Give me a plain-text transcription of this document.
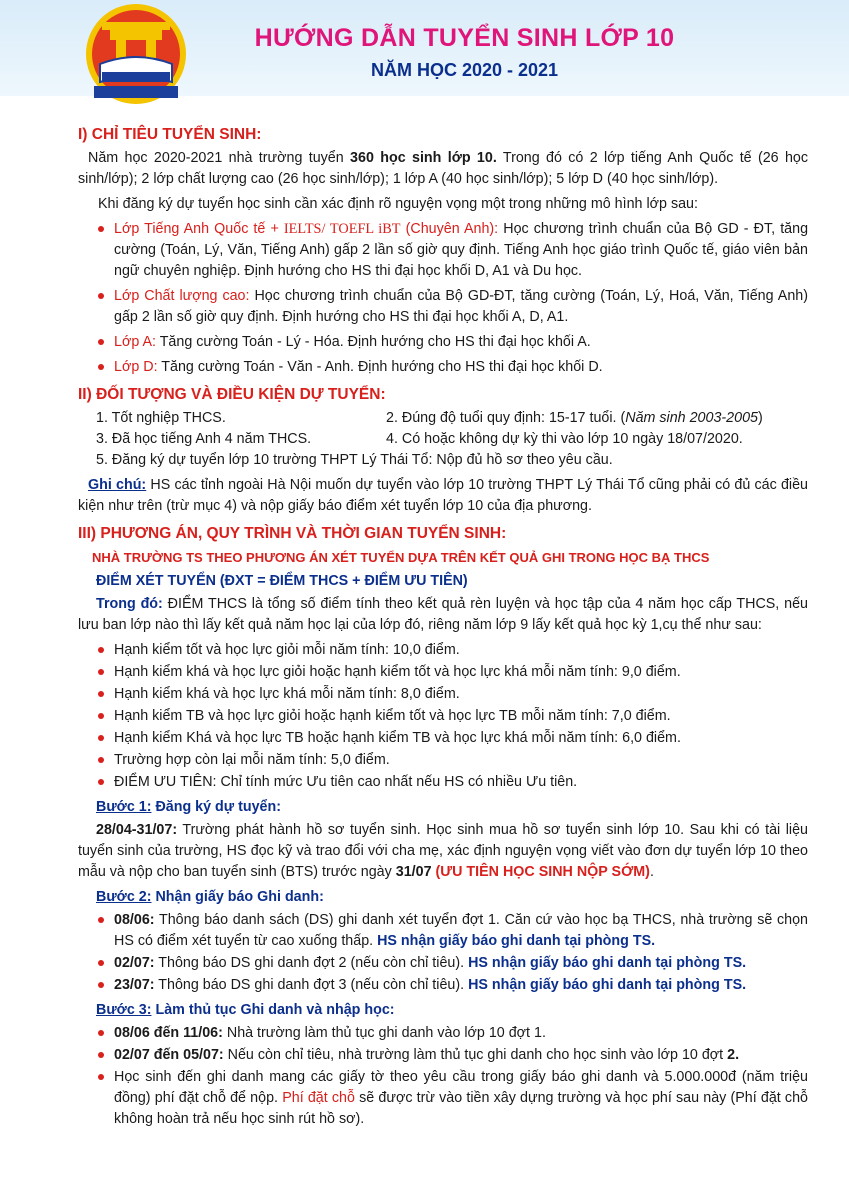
HƯỚNG DẪN TUYỂN SINH LỚP 10
NĂM HỌC 2020 - 2021
I) CHỈ TIÊU TUYỂN SINH:

Năm học 2020-2021 nhà trường tuyển 360 học sinh lớp 10. Trong đó có 2 lớp tiếng Anh Quốc tế (26 học sinh/lớp); 2 lớp chất lượng cao (26 học sinh/lớp); 1 lớp A (40 học sinh/lớp); 5 lớp D (40 học sinh/lớp).

Khi đăng ký dự tuyển học sinh cần xác định rõ nguyện vọng một trong những mô hình lớp sau:

Lớp Tiếng Anh Quốc tế + IELTS/ TOEFL iBT (Chuyên Anh): Học chương trình chuẩn của Bộ GD - ĐT, tăng cường (Toán, Lý, Văn, Tiếng Anh) gấp 2 lần số giờ quy định. Tiếng Anh học giáo trình Quốc tế, giáo viên bản ngữ chuyên nghiệp. Định hướng cho HS thi đại học khối D, A1 và Du học.
Lớp Chất lượng cao: Học chương trình chuẩn của Bộ GD-ĐT, tăng cường (Toán, Lý, Hoá, Văn, Tiếng Anh) gấp 2 lần số giờ quy định. Định hướng cho HS thi đại học khối A, D, A1.
Lớp A: Tăng cường Toán - Lý - Hóa. Định hướng cho HS thi đại học khối A.
Lớp D: Tăng cường Toán - Văn - Anh. Định hướng cho HS thi đại học khối D.
II) ĐỐI TƯỢNG VÀ ĐIỀU KIỆN DỰ TUYỂN:
1. Tốt nghiệp THCS.	2. Đúng độ tuổi quy định: 15-17 tuổi. (Năm sinh 2003-2005)
3. Đã học tiếng Anh 4 năm THCS.	4. Có hoặc không dự kỳ thi vào lớp 10 ngày 18/07/2020.

5. Đăng ký dự tuyển lớp 10 trường THPT Lý Thái Tổ: Nộp đủ hồ sơ theo yêu cầu.

Ghi chú: HS các tỉnh ngoài Hà Nội muốn dự tuyển vào lớp 10 trường THPT Lý Thái Tổ cũng phải có đủ các điều kiện như trên (trừ mục 4) và nộp giấy báo điểm xét tuyển lớp 10 của địa phương.

III) PHƯƠNG ÁN, QUY TRÌNH VÀ THỜI GIAN TUYỂN SINH:
NHÀ TRƯỜNG TS THEO PHƯƠNG ÁN XÉT TUYỂN DỰA TRÊN KẾT QUẢ GHI TRONG HỌC BẠ THCS
ĐIỂM XÉT TUYỂN (ĐXT = ĐIỂM THCS + ĐIỂM ƯU TIÊN)

Trong đó: ĐIỂM THCS là tổng số điểm tính theo kết quả rèn luyện và học tập của 4 năm học cấp THCS, nếu lưu ban lớp nào thì lấy kết quả năm học lại của lớp đó, riêng năm lớp 9 lấy kết quả học kỳ 1,cụ thể như sau:

Hạnh kiểm tốt và học lực giỏi mỗi năm tính: 10,0 điểm.
Hạnh kiểm khá và học lực giỏi hoặc hạnh kiểm tốt và học lực khá mỗi năm tính: 9,0 điểm.
Hạnh kiểm khá và học lực khá mỗi năm tính: 8,0 điểm.
Hạnh kiểm TB và học lực giỏi hoặc hạnh kiểm tốt và học lực TB mỗi năm tính: 7,0 điểm.
Hạnh kiểm Khá và học lực TB hoặc hạnh kiểm TB và học lực khá mỗi năm tính: 6,0 điểm.
Trường hợp còn lại mỗi năm tính: 5,0 điểm.
ĐIỂM ƯU TIÊN: Chỉ tính mức Ưu tiên cao nhất nếu HS có nhiều Ưu tiên.
Bước 1: Đăng ký dự tuyển:

28/04-31/07: Trường phát hành hồ sơ tuyển sinh. Học sinh mua hồ sơ tuyển sinh lớp 10. Sau khi có tài liệu tuyển sinh của trường, HS đọc kỹ và trao đổi với cha mẹ, xác định nguyện vọng viết vào đơn dự tuyển lớp 10 theo mẫu và nộp cho ban tuyển sinh (BTS) trước ngày 31/07 (ƯU TIÊN HỌC SINH NỘP SỚM).

Bước 2: Nhận giấy báo Ghi danh:
08/06: Thông báo danh sách (DS) ghi danh xét tuyển đợt 1. Căn cứ vào học bạ THCS, nhà trường sẽ chọn HS có điểm xét tuyển từ cao xuống thấp. HS nhận giấy báo ghi danh tại phòng TS.
02/07: Thông báo DS ghi danh đợt 2 (nếu còn chỉ tiêu). HS nhận giấy báo ghi danh tại phòng TS.
23/07: Thông báo DS ghi danh đợt 3 (nếu còn chỉ tiêu). HS nhận giấy báo ghi danh tại phòng TS.
Bước 3: Làm thủ tục Ghi danh và nhập học:
08/06 đến 11/06: Nhà trường làm thủ tục ghi danh vào lớp 10 đợt 1.
02/07 đến 05/07: Nếu còn chỉ tiêu, nhà trường làm thủ tục ghi danh cho học sinh vào lớp 10 đợt 2.
Học sinh đến ghi danh mang các giấy tờ theo yêu cầu trong giấy báo ghi danh và 5.000.000đ (năm triệu đồng) phí đặt chỗ để nộp. Phí đặt chỗ sẽ được trừ vào tiền xây dựng trường và học phí sau này (Phí đặt chỗ không hoàn trả nếu học sinh rút hồ sơ).
